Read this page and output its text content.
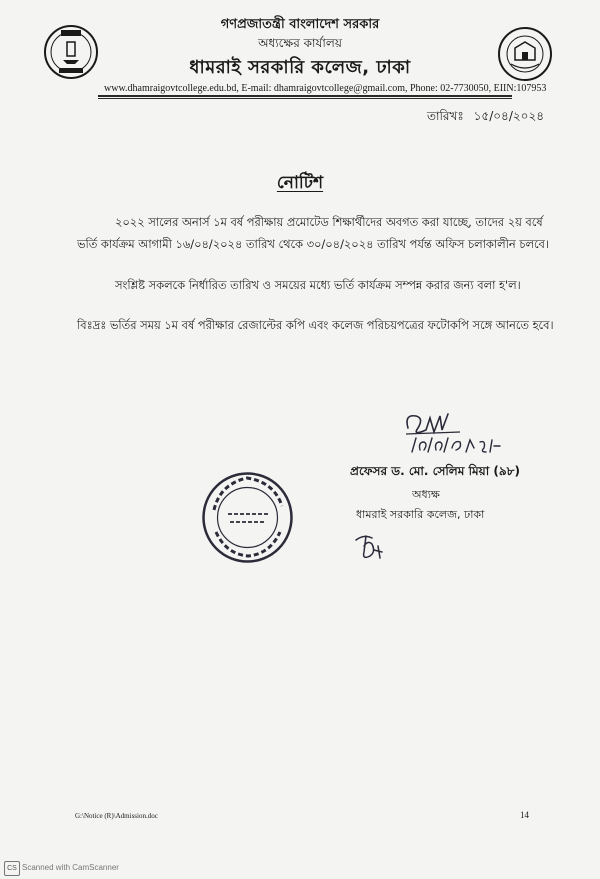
গণপ্রজাতন্ত্রী বাংলাদেশ সরকার
অধ্যক্ষের কার্যালয়
ধামরাই সরকারি কলেজ, ঢাকা
www.dhamraigovtcollege.edu.bd, E-mail: dhamraigovtcollege@gmail.com, Phone: 02-7730050, EIIN:107953
তারিখঃ ১৫/০৪/২০২৪
নোটিশ
২০২২ সালের অনার্স ১ম বর্ষ পরীক্ষায় প্রমোটেড শিক্ষার্থীদের অবগত করা যাচ্ছে, তাদের ২য় বর্ষে
ভর্তি কার্যক্রম আগামী ১৬/০৪/২০২৪ তারিখ থেকে ৩০/০৪/২০২৪ তারিখ পর্যন্ত অফিস চলাকালীন চলবে।
সংশ্লিষ্ট সকলকে নির্ধারিত তারিখ ও সময়ের মধ্যে ভর্তি কার্যক্রম সম্পন্ন করার জন্য বলা হ'ল।
বিঃদ্রঃ ভর্তির সময় ১ম বর্ষ পরীক্ষার রেজাল্টের কপি এবং কলেজ পরিচয়পত্রের ফটোকপি সঙ্গে আনতে হবে।
প্রফেসর ড. মো. সেলিম মিয়া (৯৮)
অধ্যক্ষ
ধামরাই সরকারি কলেজ, ঢাকা
G:\Notice (R)\Admission.doc	14
CS Scanned with CamScanner
